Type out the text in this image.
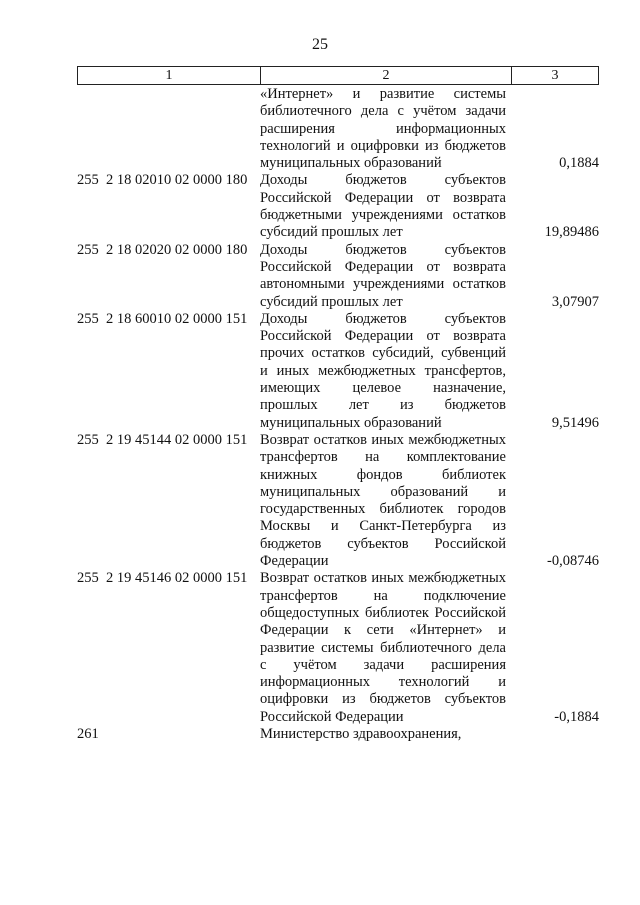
25
1	2	3
«Интернет» и развитие системы библиотечного дела с учётом задачи расширения информационных технологий и оцифровки из бюджетов муниципальных образований	0,1884
255  2 18 02010 02 0000 180 Доходы бюджетов субъектов Российской Федерации от возврата бюджетными учреждениями остатков субсидий прошлых лет	19,89486
255  2 18 02020 02 0000 180 Доходы бюджетов субъектов Российской Федерации от возврата автономными учреждениями остатков субсидий прошлых лет	3,07907
255  2 18 60010 02 0000 151 Доходы бюджетов субъектов Российской Федерации от возврата прочих остатков субсидий, субвенций и иных межбюджетных трансфертов, имеющих целевое назначение, прошлых лет из бюджетов муниципальных образований	9,51496
255  2 19 45144 02 0000 151 Возврат остатков иных межбюджетных трансфертов на комплектование книжных фондов библиотек муниципальных образований и государственных библиотек городов Москвы и Санкт-Петербурга из бюджетов субъектов Российской Федерации	-0,08746
255  2 19 45146 02 0000 151 Возврат остатков иных межбюджетных трансфертов на подключение общедоступных библиотек Российской Федерации к сети «Интернет» и развитие системы библиотечного дела с учётом задачи расширения информационных технологий и оцифровки из бюджетов субъектов Российской Федерации	-0,1884
261	Министерство здравоохранения,
